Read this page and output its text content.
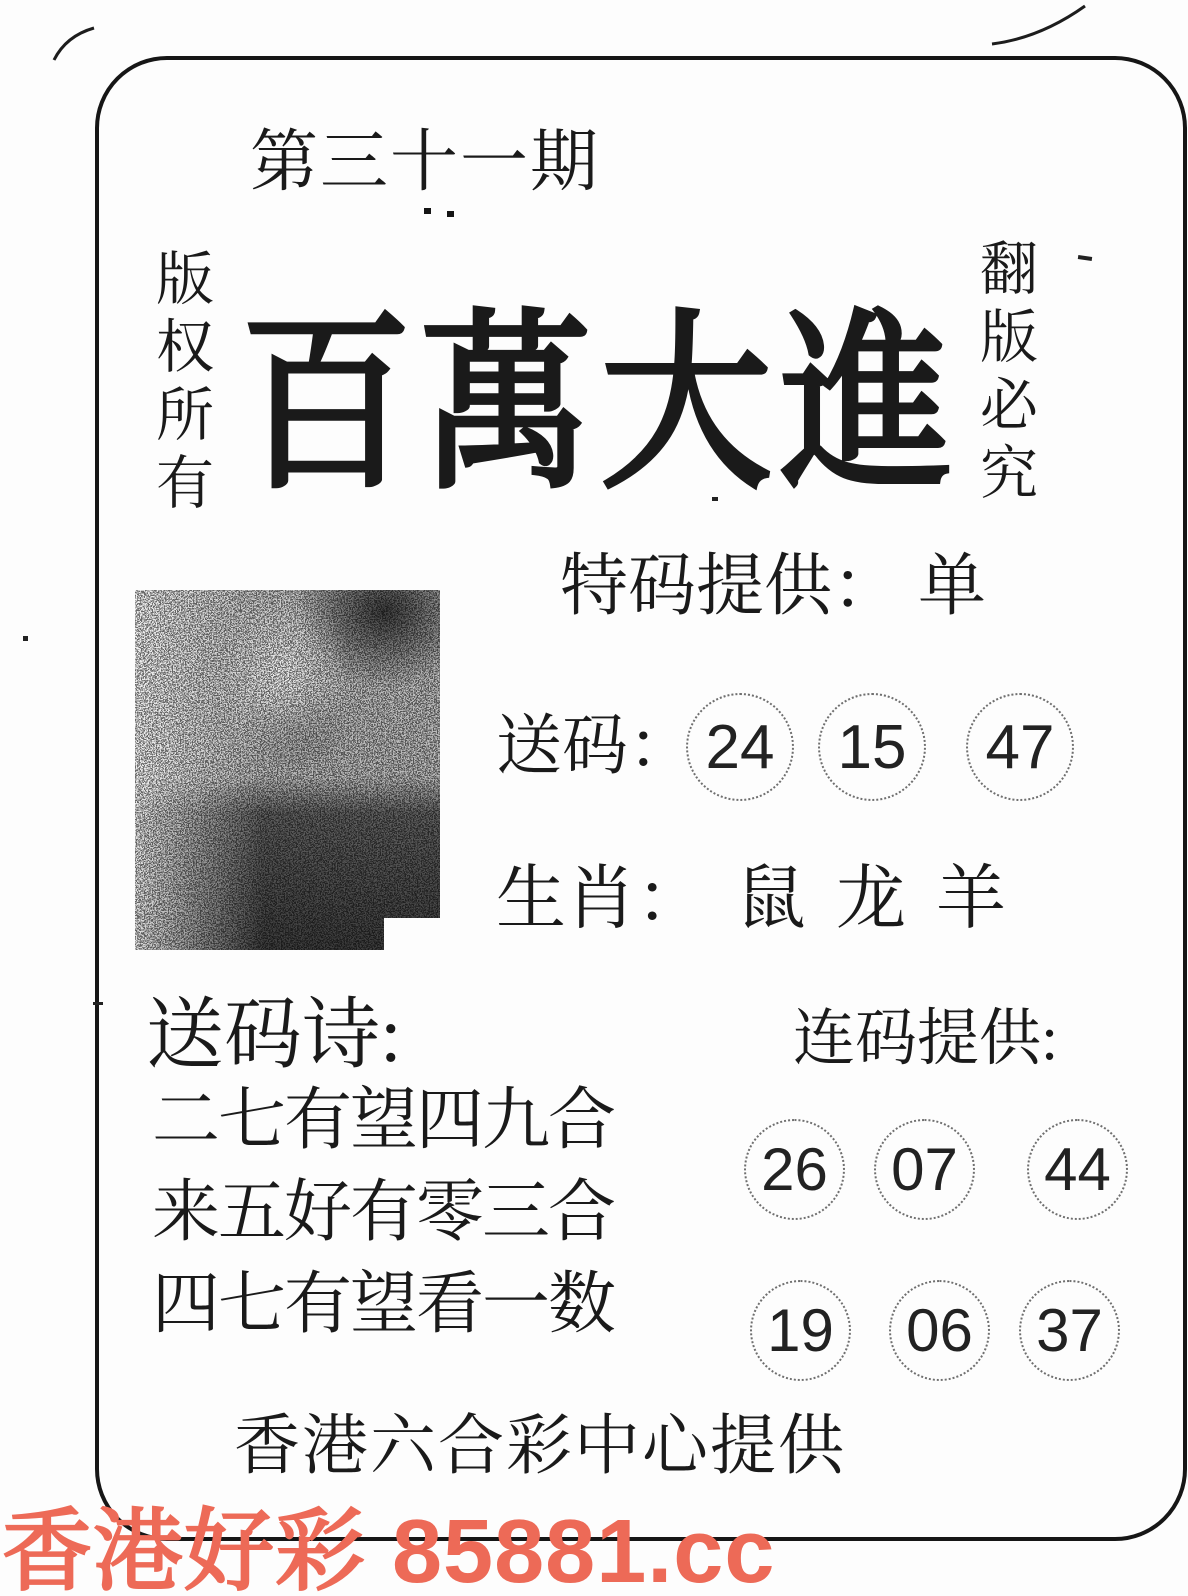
第三十一期
版权所有	翻版必究
百萬大進
特码提供： 单
送码： 24 15 47
生肖： 鼠 龙 羊
送码诗:
二七有望四九合
来五好有零三合
四七有望看一数
连码提供:
26 07 44
19 06 37
香港六合彩中心提供
香港好彩 85881.cc
